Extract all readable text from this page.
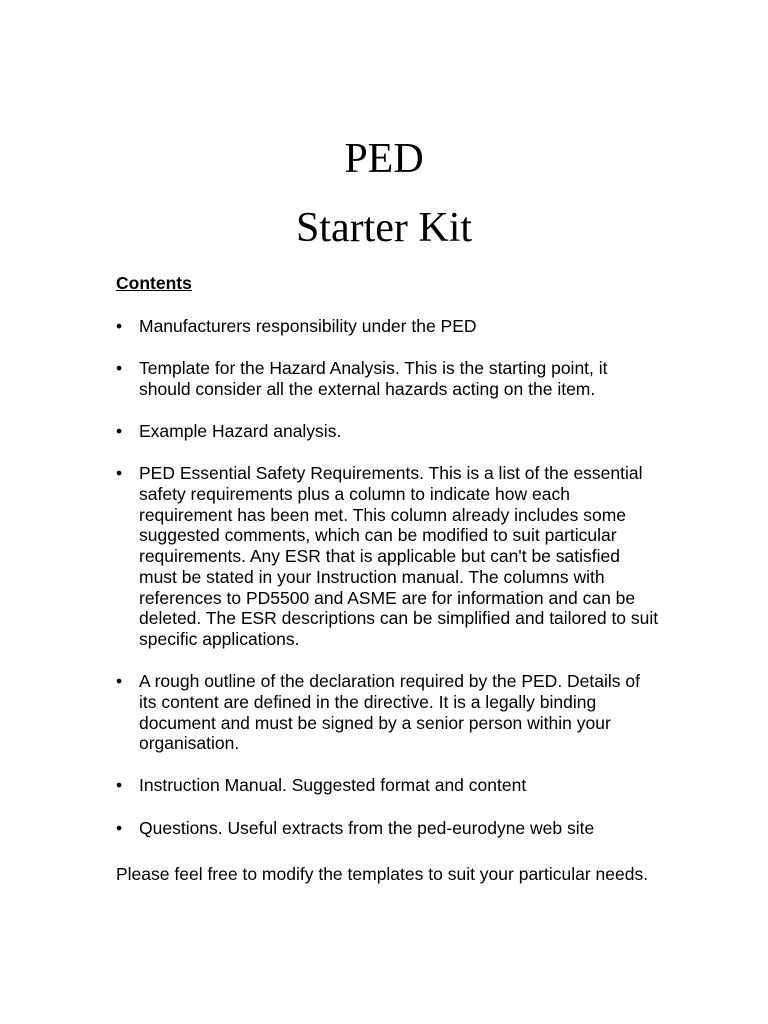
PED
Starter Kit
Contents
• Manufacturers responsibility under the PED
• Template for the Hazard Analysis. This is the starting point, it should consider all the external hazards acting on the item.
• Example Hazard analysis.
• PED Essential Safety Requirements. This is a list of the essential safety requirements plus a column to indicate how each requirement has been met. This column already includes some suggested comments, which can be modified to suit particular requirements. Any ESR that is applicable but can't be satisfied must be stated in your Instruction manual. The columns with references to PD5500 and ASME are for information and can be deleted. The ESR descriptions can be simplified and tailored to suit specific applications.
• A rough outline of the declaration required by the PED. Details of its content are defined in the directive. It is a legally binding document and must be signed by a senior person within your organisation.
• Instruction Manual. Suggested format and content
• Questions. Useful extracts from the ped-eurodyne web site
Please feel free to modify the templates to suit your particular needs.
